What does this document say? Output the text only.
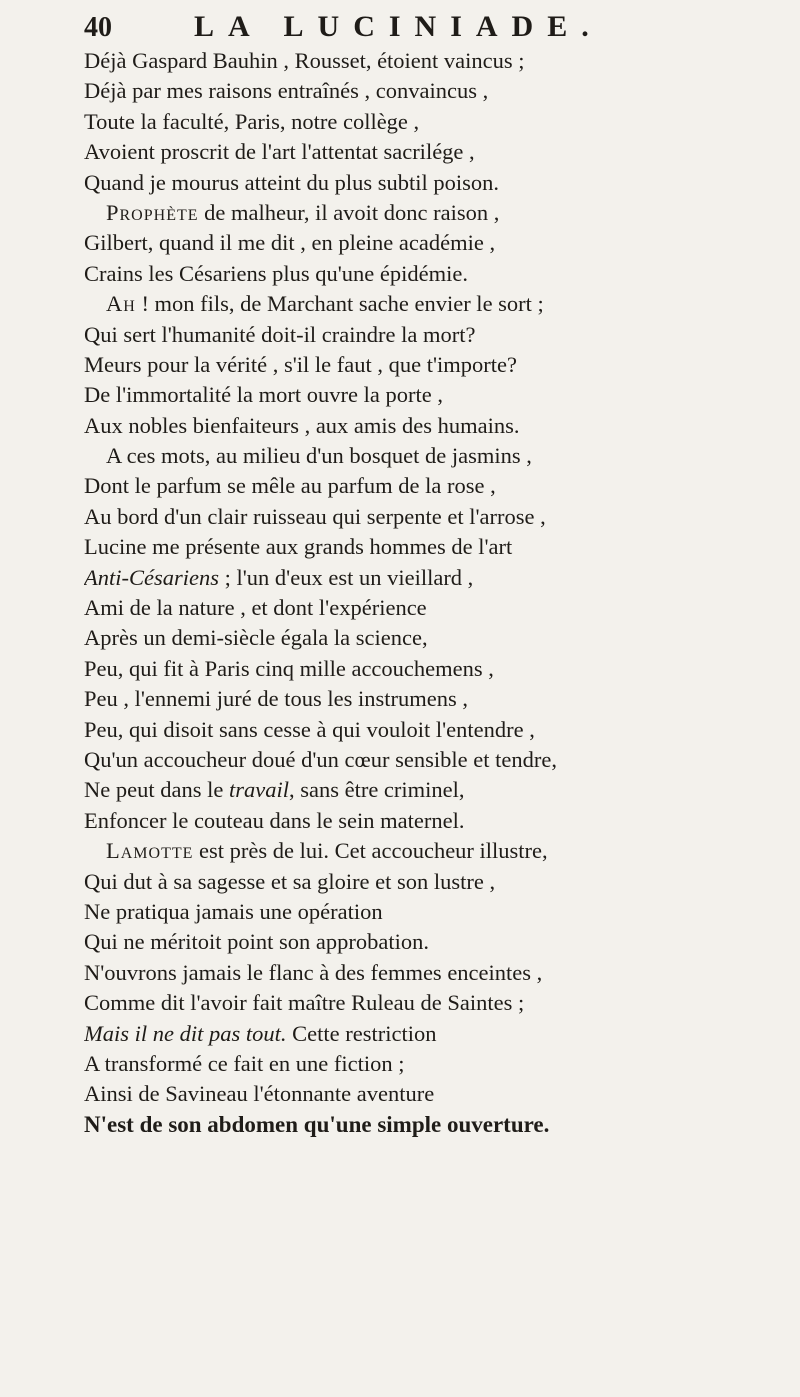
40	LA LUCINIADE.
Déjà Gaspard Bauhin , Rousset, étoient vaincus ;
Déjà par mes raisons entraînés , convaincus ,
Toute la faculté, Paris, notre collège ,
Avoient proscrit de l'art l'attentat sacrilége ,
Quand je mourus atteint du plus subtil poison.
Prophète de malheur, il avoit donc raison ,
Gilbert, quand il me dit , en pleine académie ,
Crains les Césariens plus qu'une épidémie.
Ah ! mon fils, de Marchant sache envier le sort ;
Qui sert l'humanité doit-il craindre la mort?
Meurs pour la vérité , s'il le faut , que t'importe?
De l'immortalité la mort ouvre la porte ,
Aux nobles bienfaiteurs , aux amis des humains.
A ces mots, au milieu d'un bosquet de jasmins ,
Dont le parfum se mêle au parfum de la rose ,
Au bord d'un clair ruisseau qui serpente et l'arrose ,
Lucine me présente aux grands hommes de l'art
Anti-Césariens ; l'un d'eux est un vieillard ,
Ami de la nature , et dont l'expérience
Après un demi-siècle égala la science,
Peu, qui fit à Paris cinq mille accouchemens ,
Peu , l'ennemi juré de tous les instrumens ,
Peu, qui disoit sans cesse à qui vouloit l'entendre ,
Qu'un accoucheur doué d'un cœur sensible et tendre,
Ne peut dans le travail, sans être criminel,
Enfoncer le couteau dans le sein maternel.
Lamotte est près de lui. Cet accoucheur illustre,
Qui dut à sa sagesse et sa gloire et son lustre ,
Ne pratiqua jamais une opération
Qui ne méritoit point son approbation.
N'ouvrons jamais le flanc à des femmes enceintes ,
Comme dit l'avoir fait maître Ruleau de Saintes ;
Mais il ne dit pas tout. Cette restriction
A transformé ce fait en une fiction ;
Ainsi de Savineau l'étonnante aventure
N'est de son abdomen qu'une simple ouverture.
